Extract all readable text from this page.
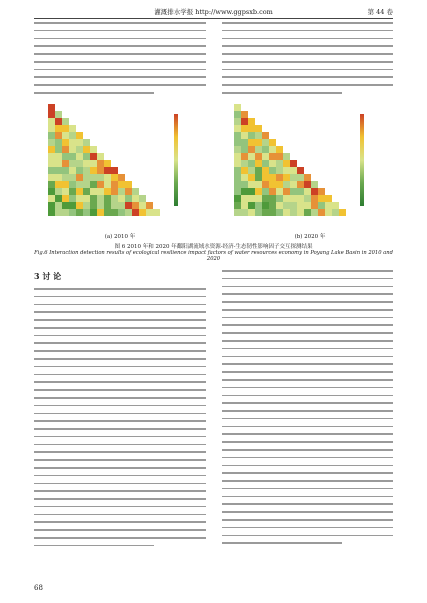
灌溉排水学报 http://www.ggpsxb.com	第 44 卷
(a) 2010 年	(b) 2020 年
图 6 2010 年和 2020 年鄱阳湖流域水资源-经济-生态韧性影响因子交互探测结果
Fig.6 Interaction detection results of ecological resilience impact factors of water resources economy in Poyang Lake Basin in 2010 and 2020
3 讨 论
68
